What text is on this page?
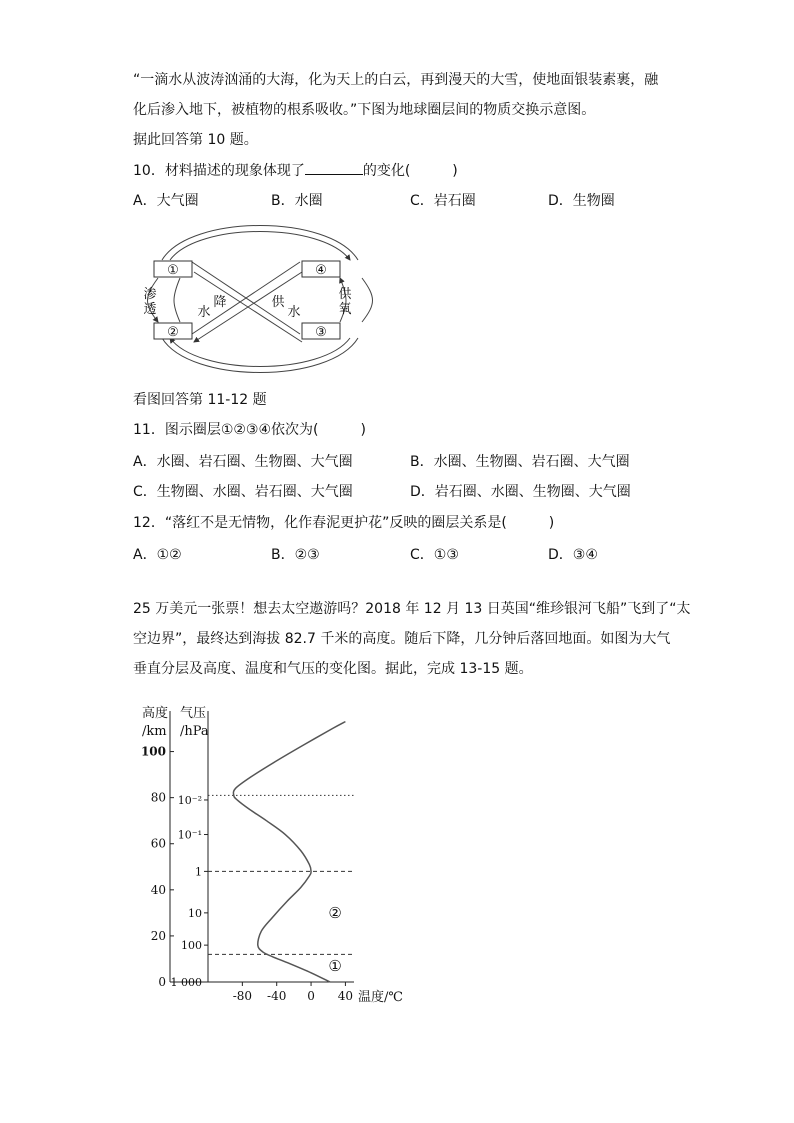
“一滴水从波涛汹涌的大海，化为天上的白云，再到漫天的大雪，使地面银装素裹，融
化后渗入地下，被植物的根系吸收。”下图为地球圈层间的物质交换示意图。
据此回答第 10 题。
10．材料描述的现象体现了	的变化(　　　)
A．大气圈	B．水圈	C．岩石圈	D．生物圈
①
②	③
④
渗
透
供
氧
水
降	供
水
看图回答第 11-12 题
11．图示圈层①②③④依次为(　　　)
A．水圈、岩石圈、生物圈、大气圈	B．水圈、生物圈、岩石圈、大气圈
C．生物圈、水圈、岩石圈、大气圈	D．岩石圈、水圈、生物圈、大气圈
12．“落红不是无情物，化作春泥更护花”反映的圈层关系是(　　　)
A．①②	B．②③	C．①③	D．③④
25 万美元一张票！想去太空遨游吗？2018 年 12 月 13 日英国“维珍银河飞船”飞到了“太
空边界”，最终达到海拔 82.7 千米的高度。随后下降，几分钟后落回地面。如图为大气
垂直分层及高度、温度和气压的变化图。据此，完成 13-15 题。
高度
/km
气压
/hPa
温度/℃
0
20
40
60
80
100
1 000
100
10
1
10⁻¹
10⁻²
-80 -40 0 40
①
②
